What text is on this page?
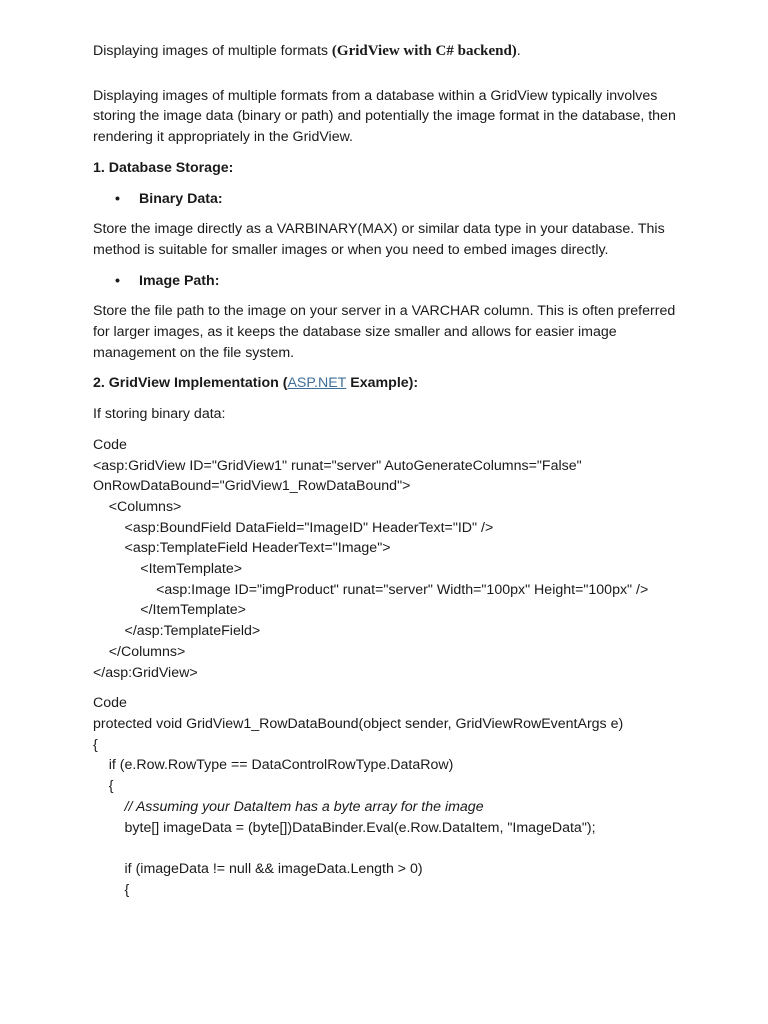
Displaying images of multiple formats (GridView with C# backend).

Displaying images of multiple formats from a database within a GridView typically involves storing the image data (binary or path) and potentially the image format in the database, then rendering it appropriately in the GridView.

1. Database Storage:

• Binary Data:

Store the image directly as a VARBINARY(MAX) or similar data type in your database. This method is suitable for smaller images or when you need to embed images directly.

• Image Path:

Store the file path to the image on your server in a VARCHAR column. This is often preferred for larger images, as it keeps the database size smaller and allows for easier image management on the file system.

2. GridView Implementation (ASP.NET Example):

If storing binary data:

Code

<asp:GridView ID="GridView1" runat="server" AutoGenerateColumns="False"
OnRowDataBound="GridView1_RowDataBound">
<Columns>
<asp:BoundField DataField="ImageID" HeaderText="ID" />
<asp:TemplateField HeaderText="Image">
<ItemTemplate>
<asp:Image ID="imgProduct" runat="server" Width="100px" Height="100px" />
</ItemTemplate>
</asp:TemplateField>
</Columns>
</asp:GridView>

Code

protected void GridView1_RowDataBound(object sender, GridViewRowEventArgs e)
{
if (e.Row.RowType == DataControlRowType.DataRow)
{
// Assuming your DataItem has a byte array for the image
byte[] imageData = (byte[])DataBinder.Eval(e.Row.DataItem, "ImageData");
if (imageData != null && imageData.Length > 0)
{
